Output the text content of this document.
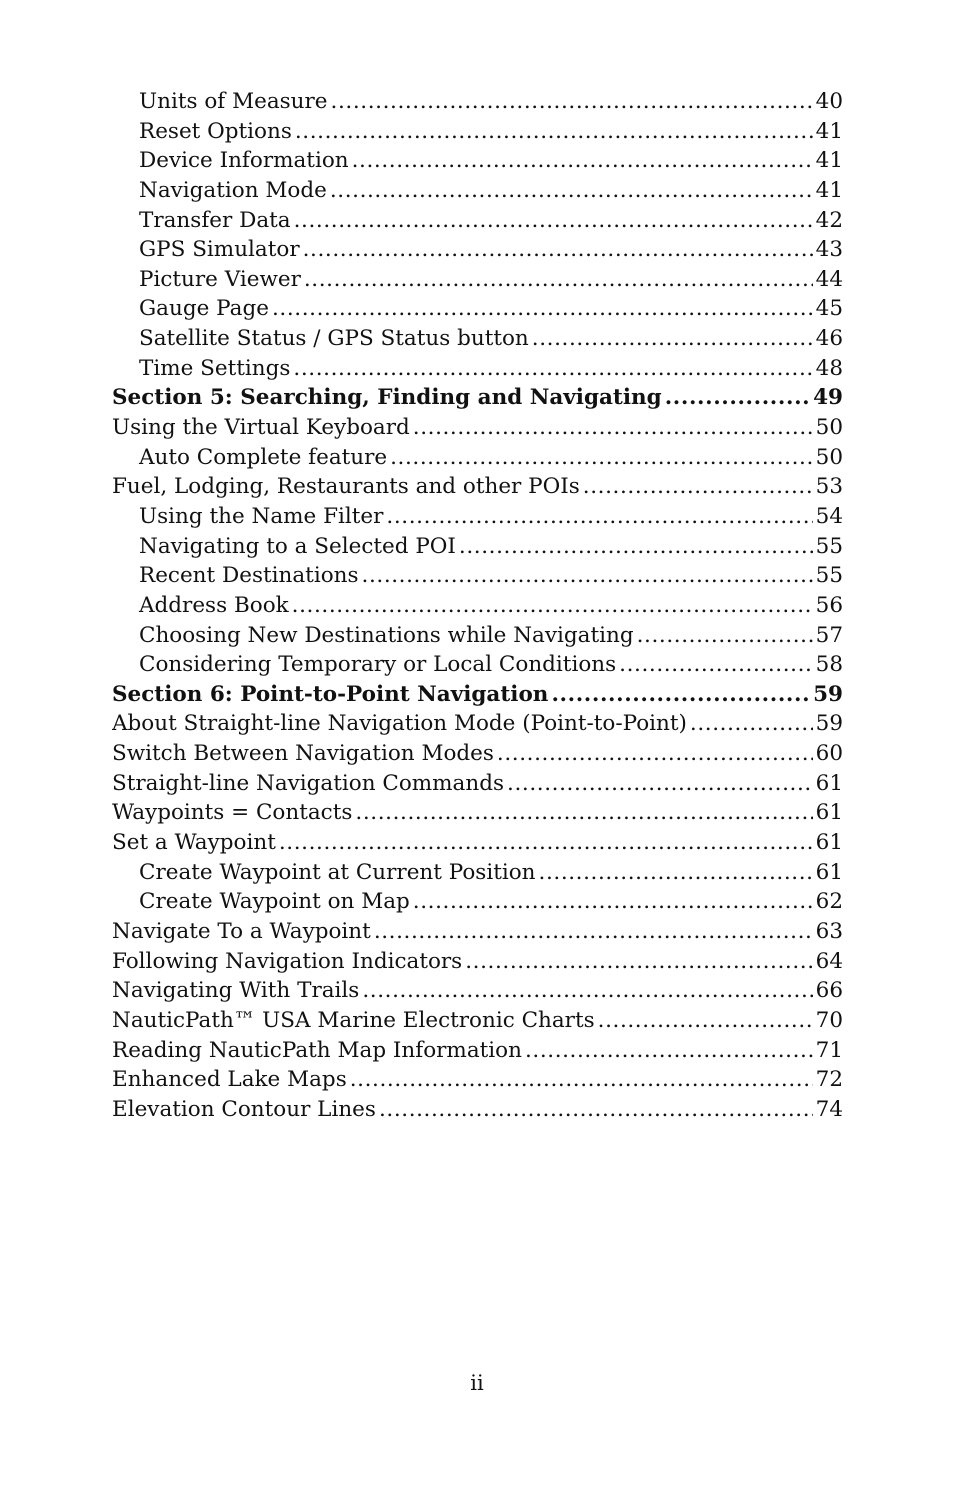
Units of Measure .....	40
Reset Options .....	41
Device Information .....	41
Navigation Mode .....	41
Transfer Data .....	42
GPS Simulator .....	43
Picture Viewer .....	44
Gauge Page .....	45
Satellite Status / GPS Status button .....	46
Time Settings .....	48
Section 5: Searching, Finding and Navigating .....	49
Using the Virtual Keyboard .....	50
Auto Complete feature .....	50
Fuel, Lodging, Restaurants and other POIs .....	53
Using the Name Filter .....	54
Navigating to a Selected POI .....	55
Recent Destinations .....	55
Address Book .....	56
Choosing New Destinations while Navigating .....	57
Considering Temporary or Local Conditions .....	58
Section 6: Point-to-Point Navigation .....	59
About Straight-line Navigation Mode (Point-to-Point) .....	59
Switch Between Navigation Modes .....	60
Straight-line Navigation Commands .....	61
Waypoints = Contacts .....	61
Set a Waypoint .....	61
Create Waypoint at Current Position .....	61
Create Waypoint on Map .....	62
Navigate To a Waypoint .....	63
Following Navigation Indicators .....	64
Navigating With Trails .....	66
NauticPath™ USA Marine Electronic Charts .....	70
Reading NauticPath Map Information .....	71
Enhanced Lake Maps .....	72
Elevation Contour Lines .....	74
ii
